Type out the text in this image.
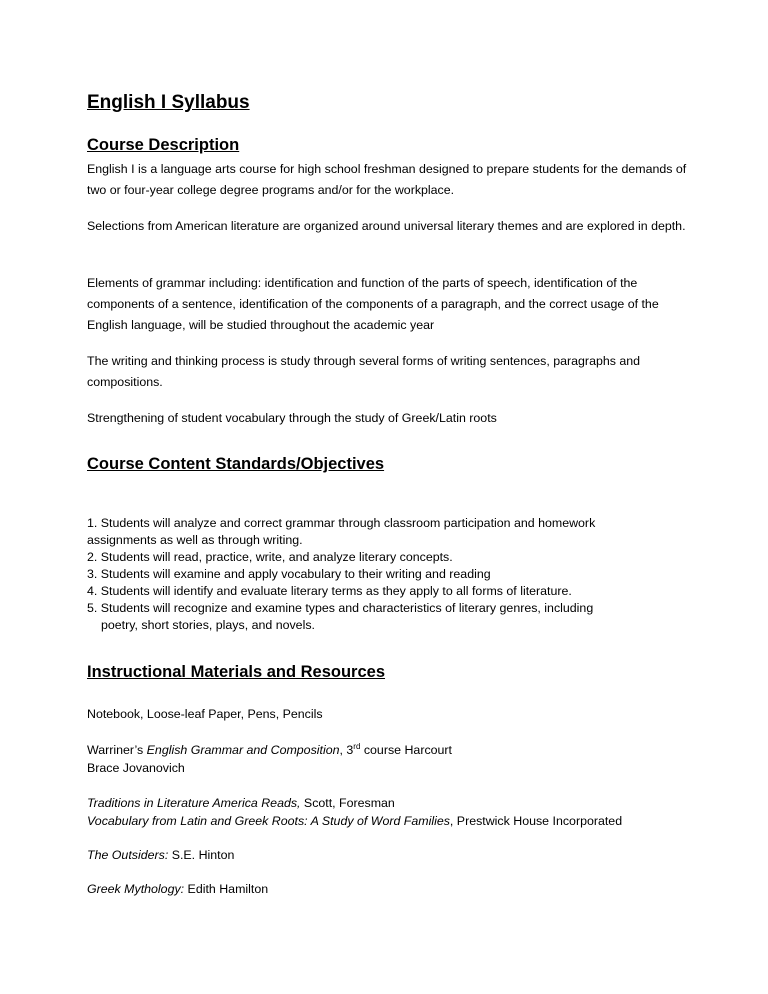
English I Syllabus
Course Description

English I is a language arts course for high school freshman designed to prepare students for the demands of two or four-year college degree programs and/or for the workplace.

Selections from American literature are organized around universal literary themes and are explored in depth.

Elements of grammar including: identification and function of the parts of speech, identification of the components of a sentence, identification of the components of a paragraph, and the correct usage of the English language, will be studied throughout the academic year

The writing and thinking process is study through several forms of writing sentences, paragraphs and compositions.

Strengthening of student vocabulary through the study of Greek/Latin roots

Course Content Standards/Objectives
1. Students will analyze and correct grammar through classroom participation and homework
assignments as well as through writing.
2. Students will read, practice, write, and analyze literary concepts.
3. Students will examine and apply vocabulary to their writing and reading
4. Students will identify and evaluate literary terms as they apply to all forms of literature.
5. Students will recognize and examine types and characteristics of literary genres, including
poetry, short stories, plays, and novels.
Instructional Materials and Resources

Notebook, Loose-leaf Paper, Pens, Pencils

Warriner’s English Grammar and Composition, 3rd course Harcourt
Brace Jovanovich

Traditions in Literature America Reads, Scott, Foresman

Vocabulary from Latin and Greek Roots: A Study of Word Families, Prestwick House Incorporated

The Outsiders: S.E. Hinton

Greek Mythology: Edith Hamilton
